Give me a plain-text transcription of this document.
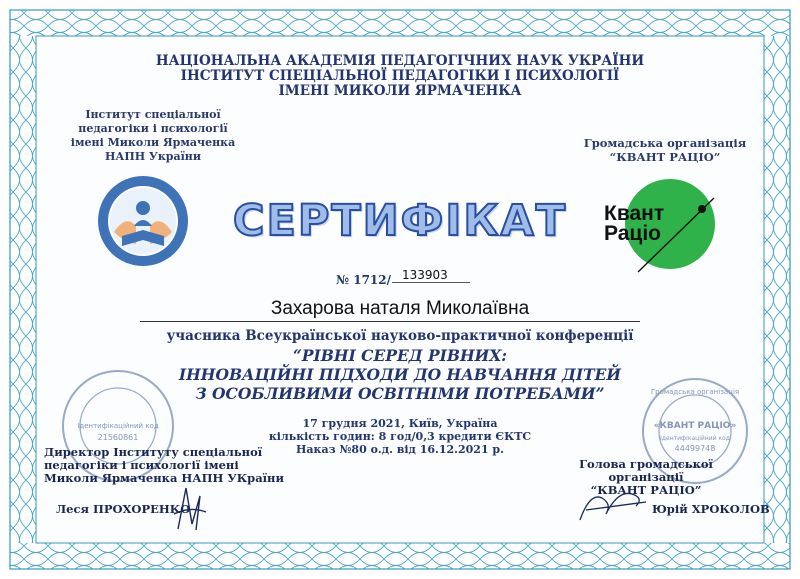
НАЦІОНАЛЬНА АКАДЕМІЯ ПЕДАГОГІЧНИХ НАУК УКРАЇНИ
ІНСТИТУТ СПЕЦІАЛЬНОЇ ПЕДАГОГІКИ І ПСИХОЛОГІЇ
ІМЕНІ МИКОЛИ ЯРМАЧЕНКА
Інститут спеціальної
педагогіки і психології
імені Миколи Ярмаченка
НАПН України
Громадська організація
“КВАНТ РАЦІО”
Квант
Раціо
СЕРТИФІКАТ
№ 1712/ 133903
Захарова наталя Миколаївна
учасника Всеукраїнської науково-практичної конференції
“РІВНІ СЕРЕД РІВНИХ:
ІННОВАЦІЙНІ ПІДХОДИ ДО НАВЧАННЯ ДІТЕЙ
З ОСОБЛИВИМИ ОСВІТНІМИ ПОТРЕБАМИ”
17 грудня 2021, Київ, Україна
кількість годин: 8 год/0,3 кредити ЄКТС
Наказ №80 о.д. від 16.12.2021 р.
Ідентифікаційний код
21560861
Громадська організація
«КВАНТ РАЦІО»
Ідентифікаційний код
44499748
Директор Інституту спеціальної
педагогіки і психології імені
Миколи Ярмаченка НАПН УКраїни
Леся ПРОХОРЕНКО
Голова громадської організації
“КВАНТ РАЦІО”
Юрій ХРОКОЛОВ
